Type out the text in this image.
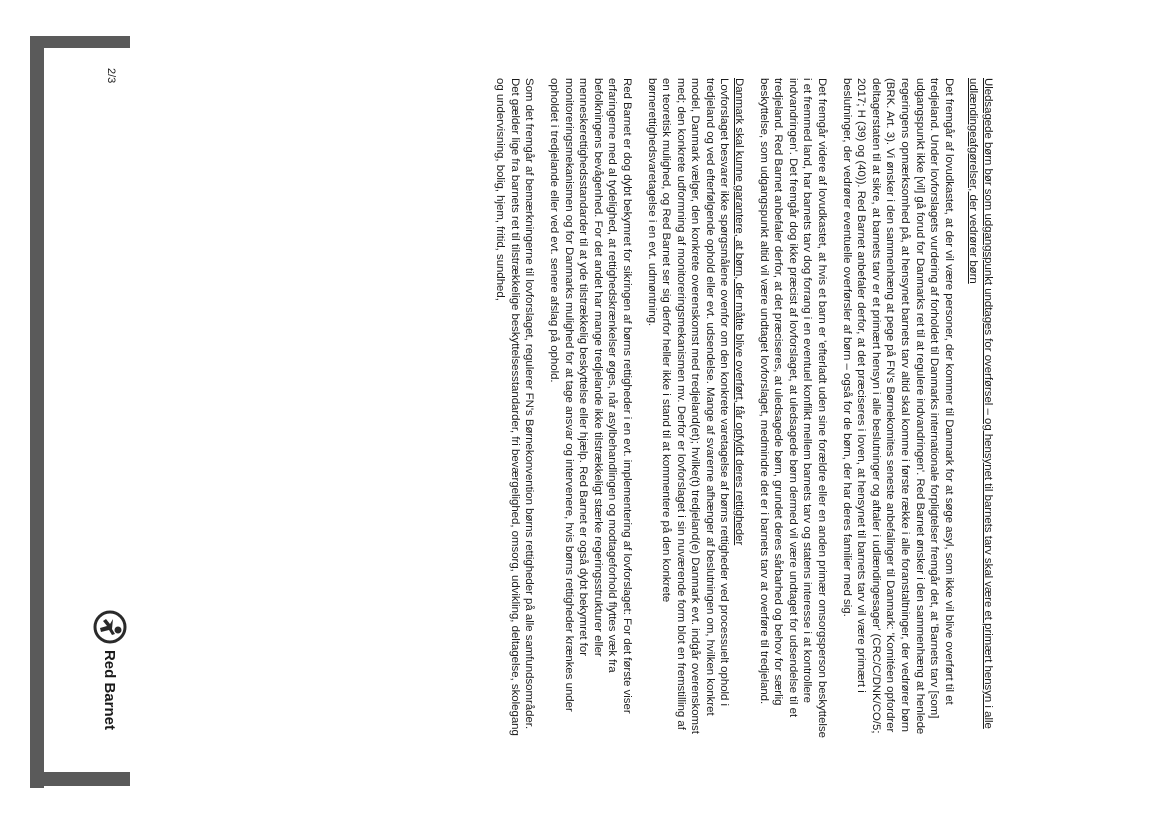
Uledsagede børn bør som udgangspunkt undtages for overførsel – og hensynet til barnets tarv skal være et primært hensyn i alle udlændingeafgørelser, der vedrører børn

Det fremgår af lovudkastet, at der vil være personer, der kommer til Danmark for at søge asyl, som ikke vil blive overført til et tredjeland. Under lovforslagets vurdering af forholdet til Danmarks internationale forpligtelser fremgår det, at 'Barnets tarv [som] udgangspunkt ikke [vil] gå forud for Danmarks ret til at regulere indvandringen'. Red Barnet ønsker i den sammenhæng at henlede regeringens opmærksomhed på, at hensynet barnets tarv altid skal komme i første række i alle foranstaltninger, der vedrører børn (BRK. Art. 3). Vi ønsker i den sammenhæng at pege på FN's Børnekomites seneste anbefalinger til Danmark: 'Komitéen opfordrer deltagerstaten til at sikre, at barnets tarv er et primært hensyn i alle beslutninger og aftaler i udlændingesager' (CRC/C/DNK/CO/5; 2017; H (39) og (40)). Red Barnet anbefaler derfor, at det præciseres i loven, at hensynet til barnets tarv vil være primært i beslutninger, der vedrører eventuelle overførsler af børn – også for de børn, der har deres familier med sig.

Det fremgår videre af lovudkastet, at hvis et barn er 'efterladt uden sine forældre eller en anden primær omsorgsperson beskyttelse i et fremmed land, har barnets tarv dog forrang i en eventuel konflikt mellem barnets tarv og statens interesse i at kontrollere indvandringen'. Det fremgår dog ikke præcist af lovforslaget, at uledsagede børn dermed vil være undtaget for udsendelse til et tredjeland. Red Barnet anbefaler derfor, at det præciseres, at uledsagede børn, grundet deres sårbarhed og behov for særlig beskyttelse, som udgangspunkt altid vil være undtaget lovforslaget, medmindre det er i barnets tarv at overføre til tredjeland.

Danmark skal kunne garantere, at børn, der måtte blive overført, får opfyldt deres rettigheder

Lovforslaget besvarer ikke spørgsmålene ovenfor om den konkrete varetagelse af børns rettigheder ved processuelt ophold i tredjeland og ved efterfølgende ophold eller evt. udsendelse. Mange af svarerne afhænger af beslutningen om, hvilken konkret model, Danmark vælger, den konkrete overenskomst med tredjeland(et); hvilke(t) tredjeland(e) Danmark evt. indgår overenskomst med; den konkrete udformning af monitoreringsmekanismen mv. Derfor er lovforslaget i sin nuværende form blot en fremstilling af en teoretisk mulighed, og Red Barnet ser sig derfor heller ikke i stand til at kommentere på den konkrete børnerettighedsvaretagelse i en evt. udmøntning.

Red Barnet er dog dybt bekymret for sikringen af børns rettigheder i en evt. implementering af lovforslaget: For det første viser erfaringerne med al tydelighed, at rettighedskrænkelser øges, når asylbehandlingen og modtageforhold flyttes væk fra befolkningens bevågenhed. For det andet har mange tredjelande ikke tilstrækkeligt stærke regeringsstrukturer eller menneskerettighedsstandarder til at yde tilstrækkelig beskyttelse eller hjælp. Red Barnet er også dybt bekymret for monitoreringsmekanismen og for Danmarks mulighed for at tage ansvar og intervenere, hvis børns rettigheder krænkes under opholdet i tredjelande eller ved evt. senere afslag på ophold.

Som det fremgår af bemærkningerne til lovforslaget, regulerer FN's Børnekonvention børns rettigheder på alle samfundsområder. Det gælder lige fra barnets ret til tilstrækkelige beskyttelsesstandarder, fri beværgelighed, omsorg, udvikling, deltagelse, skolegang og undervisning, bolig, hjem, fritid, sundhed,

2/3
Red Barnet
